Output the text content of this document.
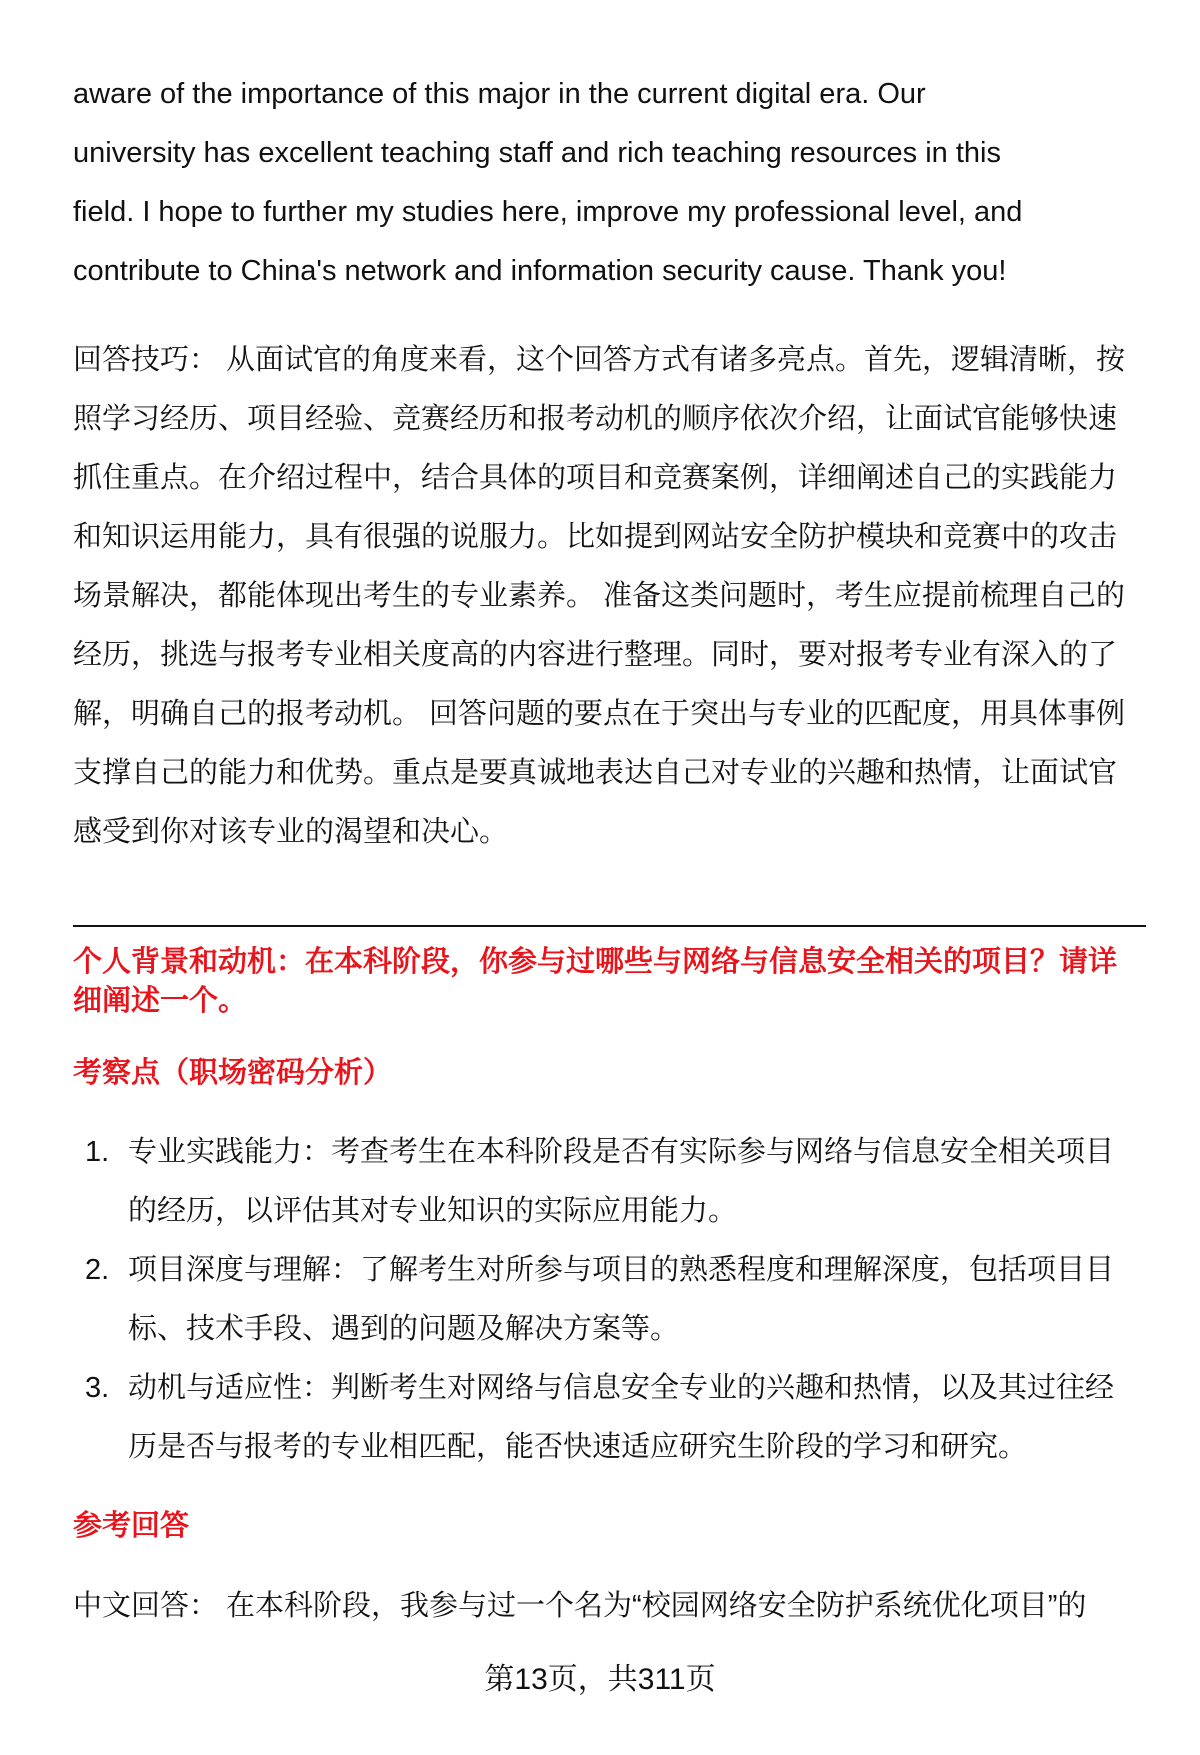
aware of the importance of this major in the current digital era. Our
university has excellent teaching staff and rich teaching resources in this
field. I hope to further my studies here, improve my professional level, and
contribute to China's network and information security cause. Thank you!
回答技巧： 从面试官的角度来看，这个回答方式有诸多亮点。首先，逻辑清晰，按
照学习经历、项目经验、竞赛经历和报考动机的顺序依次介绍，让面试官能够快速
抓住重点。在介绍过程中，结合具体的项目和竞赛案例，详细阐述自己的实践能力
和知识运用能力，具有很强的说服力。比如提到网站安全防护模块和竞赛中的攻击
场景解决，都能体现出考生的专业素养。 准备这类问题时，考生应提前梳理自己的
经历，挑选与报考专业相关度高的内容进行整理。同时，要对报考专业有深入的了
解，明确自己的报考动机。 回答问题的要点在于突出与专业的匹配度，用具体事例
支撑自己的能力和优势。重点是要真诚地表达自己对专业的兴趣和热情，让面试官
感受到你对该专业的渴望和决心。
个人背景和动机：在本科阶段，你参与过哪些与网络与信息安全相关的项目？请详
细阐述一个。
考察点（职场密码分析）
1. 专业实践能力：考查考生在本科阶段是否有实际参与网络与信息安全相关项目
的经历，以评估其对专业知识的实际应用能力。
2. 项目深度与理解：了解考生对所参与项目的熟悉程度和理解深度，包括项目目
标、技术手段、遇到的问题及解决方案等。
3. 动机与适应性：判断考生对网络与信息安全专业的兴趣和热情，以及其过往经
历是否与报考的专业相匹配，能否快速适应研究生阶段的学习和研究。
参考回答
中文回答： 在本科阶段，我参与过一个名为“校园网络安全防护系统优化项目”的
第13页，共311页
